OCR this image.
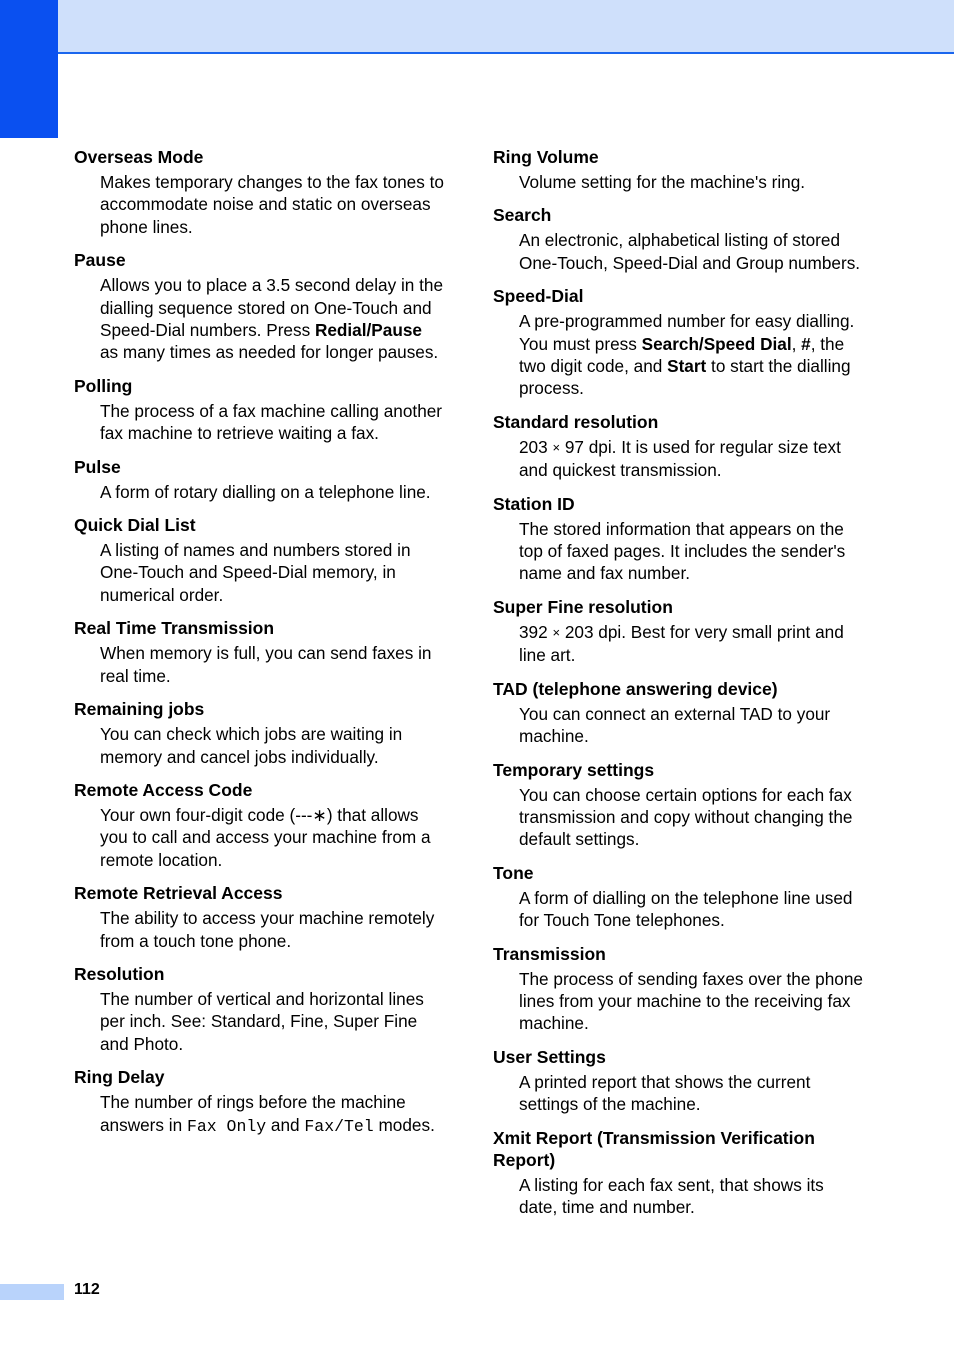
Overseas Mode
Makes temporary changes to the fax tones to accommodate noise and static on overseas phone lines.
Pause
Allows you to place a 3.5 second delay in the dialling sequence stored on One-Touch and Speed-Dial numbers. Press Redial/Pause as many times as needed for longer pauses.
Polling
The process of a fax machine calling another fax machine to retrieve waiting a fax.
Pulse
A form of rotary dialling on a telephone line.
Quick Dial List
A listing of names and numbers stored in One-Touch and Speed-Dial memory, in numerical order.
Real Time Transmission
When memory is full, you can send faxes in real time.
Remaining jobs
You can check which jobs are waiting in memory and cancel jobs individually.
Remote Access Code
Your own four-digit code (---∗) that allows you to call and access your machine from a remote location.
Remote Retrieval Access
The ability to access your machine remotely from a touch tone phone.
Resolution
The number of vertical and horizontal lines per inch. See: Standard, Fine, Super Fine and Photo.
Ring Delay
The number of rings before the machine answers in Fax Only and Fax/Tel modes.
Ring Volume
Volume setting for the machine's ring.
Search
An electronic, alphabetical listing of stored One-Touch, Speed-Dial and Group numbers.
Speed-Dial
A pre-programmed number for easy dialling. You must press Search/Speed Dial, #, the two digit code, and Start to start the dialling process.
Standard resolution
203 × 97 dpi. It is used for regular size text and quickest transmission.
Station ID
The stored information that appears on the top of faxed pages. It includes the sender's name and fax number.
Super Fine resolution
392 × 203 dpi. Best for very small print and line art.
TAD (telephone answering device)
You can connect an external TAD to your machine.
Temporary settings
You can choose certain options for each fax transmission and copy without changing the default settings.
Tone
A form of dialling on the telephone line used for Touch Tone telephones.
Transmission
The process of sending faxes over the phone lines from your machine to the receiving fax machine.
User Settings
A printed report that shows the current settings of the machine.
Xmit Report (Transmission Verification Report)
A listing for each fax sent, that shows its date, time and number.
112
